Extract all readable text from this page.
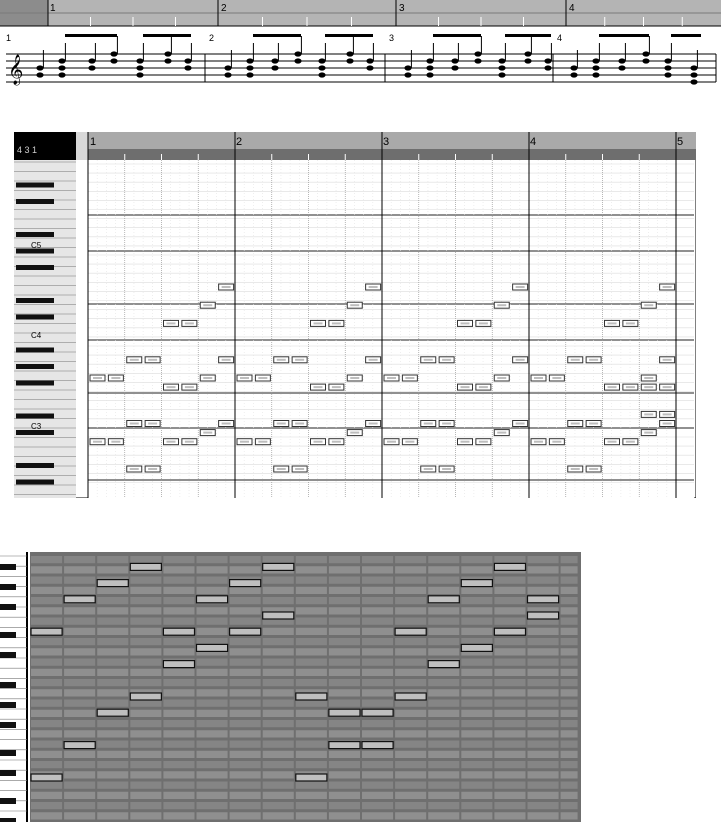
𝄞
1	2	3	4
1	2	3	4
4 3 1
1	2	3	4	5
C5
C4
C3
